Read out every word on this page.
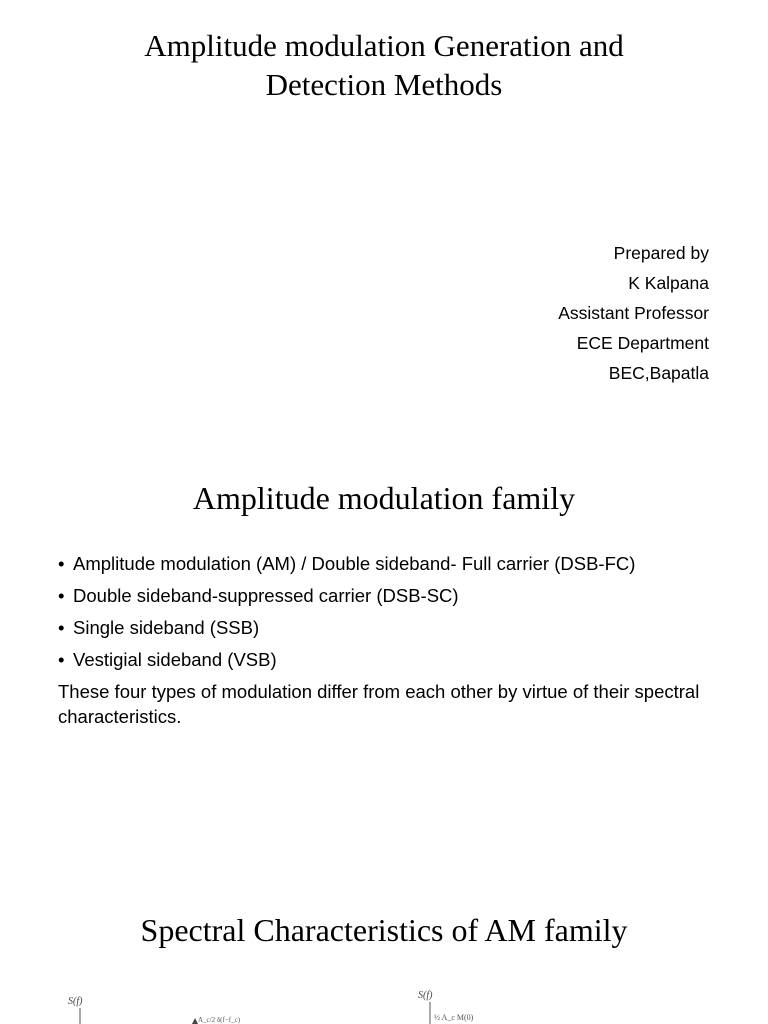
Amplitude modulation Generation and
Detection Methods
Prepared by
K Kalpana
Assistant Professor
ECE Department
BEC,Bapatla
Amplitude modulation family
• Amplitude modulation (AM) / Double sideband- Full carrier (DSB-FC)
• Double sideband-suppressed carrier (DSB-SC)
• Single sideband (SSB)
• Vestigial sideband (VSB)
These four types of modulation differ from each other by virtue of their spectral characteristics.
Spectral Characteristics of AM family
S(f)
A_c/2 δ(f−f_c)
S(f)
½ A_c M(0)
